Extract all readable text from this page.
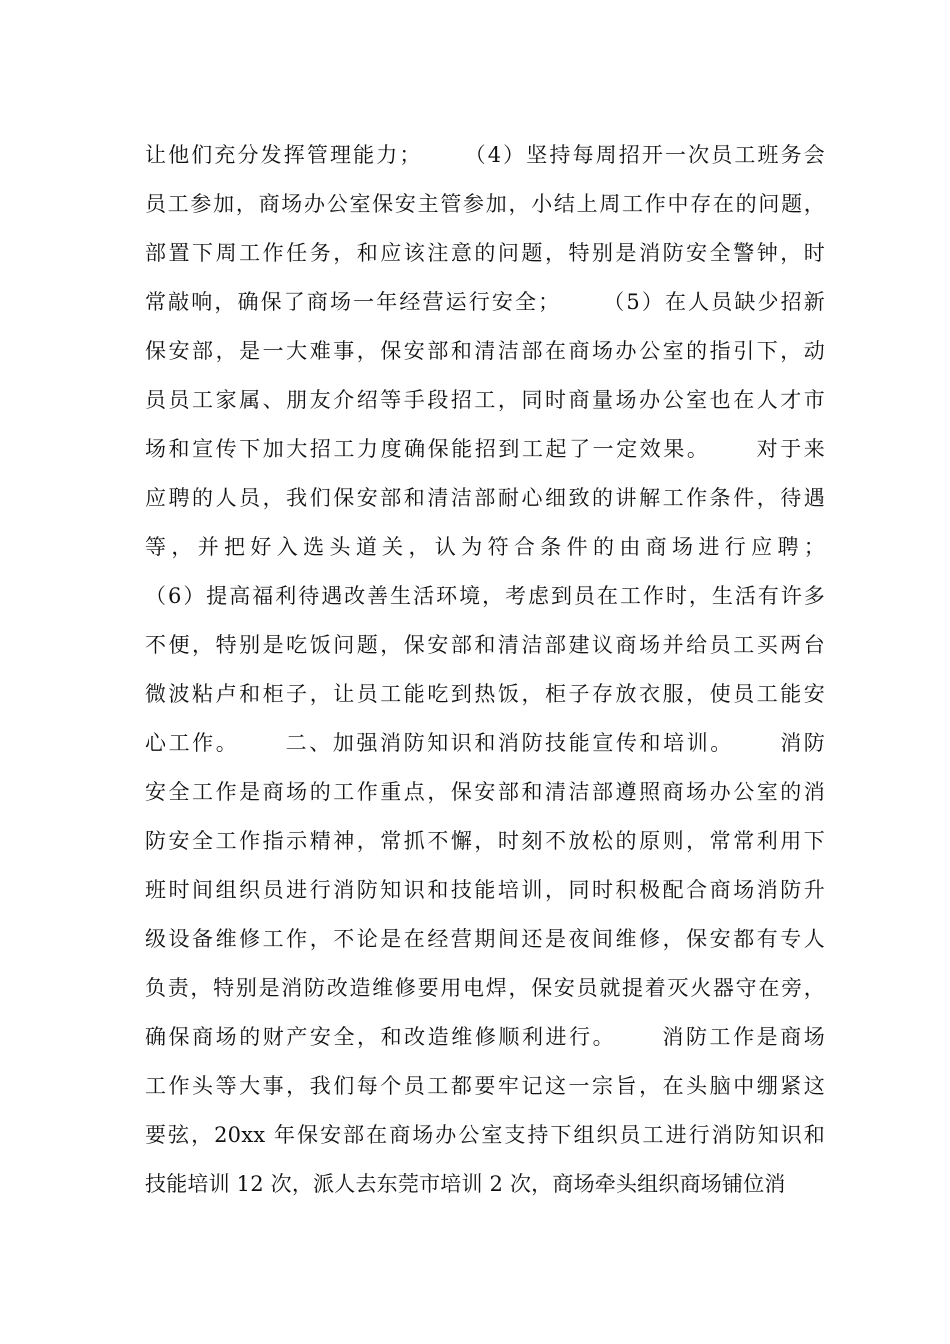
让他们充分发挥管理能力；     （4）坚持每周招开一次员工班务会
员工参加，商场办公室保安主管参加，小结上周工作中存在的问题，
部置下周工作任务，和应该注意的问题，特别是消防安全警钟，时
常敲响，确保了商场一年经营运行安全；     （5）在人员缺少招新
保安部，是一大难事，保安部和清洁部在商场办公室的指引下，动
员员工家属、朋友介绍等手段招工，同时商量场办公室也在人才市
场和宣传下加大招工力度确保能招到工起了一定效果。     对于来
应聘的人员，我们保安部和清洁部耐心细致的讲解工作条件，待遇
等，并把好入选头道关，认为符合条件的由商场进行应聘；
（6）提高福利待遇改善生活环境，考虑到员在工作时，生活有许多
不便，特别是吃饭问题，保安部和清洁部建议商场并给员工买两台
微波粘卢和柜子，让员工能吃到热饭，柜子存放衣服，使员工能安
心工作。     二、加强消防知识和消防技能宣传和培训。     消防
安全工作是商场的工作重点，保安部和清洁部遵照商场办公室的消
防安全工作指示精神，常抓不懈，时刻不放松的原则，常常利用下
班时间组织员进行消防知识和技能培训，同时积极配合商场消防升
级设备维修工作，不论是在经营期间还是夜间维修，保安都有专人
负责，特别是消防改造维修要用电焊，保安员就提着灭火器守在旁，
确保商场的财产安全，和改造维修顺利进行。     消防工作是商场
工作头等大事，我们每个员工都要牢记这一宗旨，在头脑中绷紧这
要弦，20xx 年保安部在商场办公室支持下组织员工进行消防知识和
技能培训 12 次，派人去东莞市培训 2 次，商场牵头组织商场铺位消
